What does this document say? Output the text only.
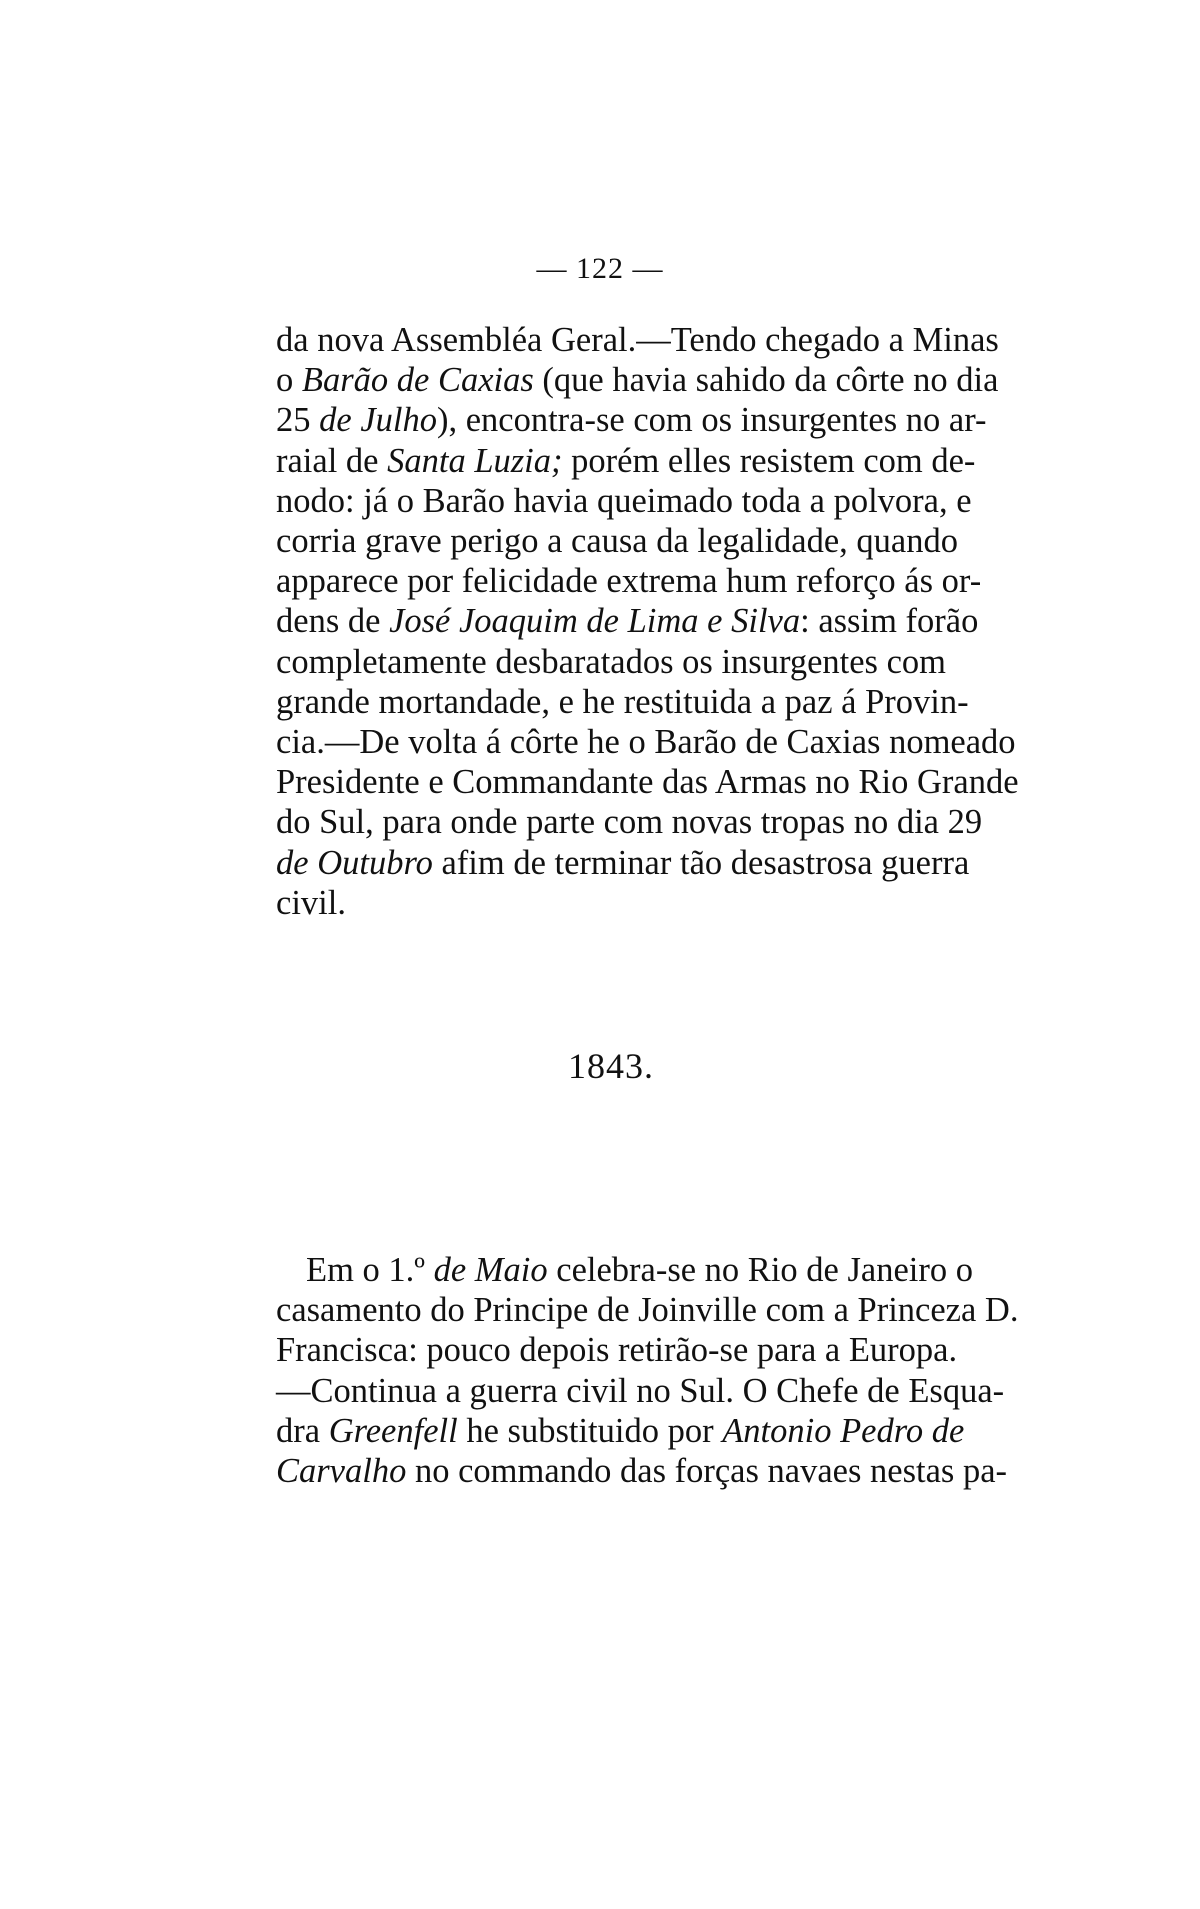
— 122 —
da nova Assembléa Geral.—Tendo chegado a Minas
o Barão de Caxias (que havia sahido da côrte no dia
25 de Julho), encontra-se com os insurgentes no ar-
raial de Santa Luzia; porém elles resistem com de-
nodo: já o Barão havia queimado toda a polvora, e
corria grave perigo a causa da legalidade, quando
apparece por felicidade extrema hum reforço ás or-
dens de José Joaquim de Lima e Silva: assim forão
completamente desbaratados os insurgentes com
grande mortandade, e he restituida a paz á Provin-
cia.—De volta á côrte he o Barão de Caxias nomeado
Presidente e Commandante das Armas no Rio Grande
do Sul, para onde parte com novas tropas no dia 29
de Outubro afim de terminar tão desastrosa guerra
civil.
1843.
Em o 1.º de Maio celebra-se no Rio de Janeiro o
casamento do Principe de Joinville com a Princeza D.
Francisca: pouco depois retirão-se para a Europa.
—Continua a guerra civil no Sul. O Chefe de Esqua-
dra Greenfell he substituido por Antonio Pedro de
Carvalho no commando das forças navaes nestas pa-
